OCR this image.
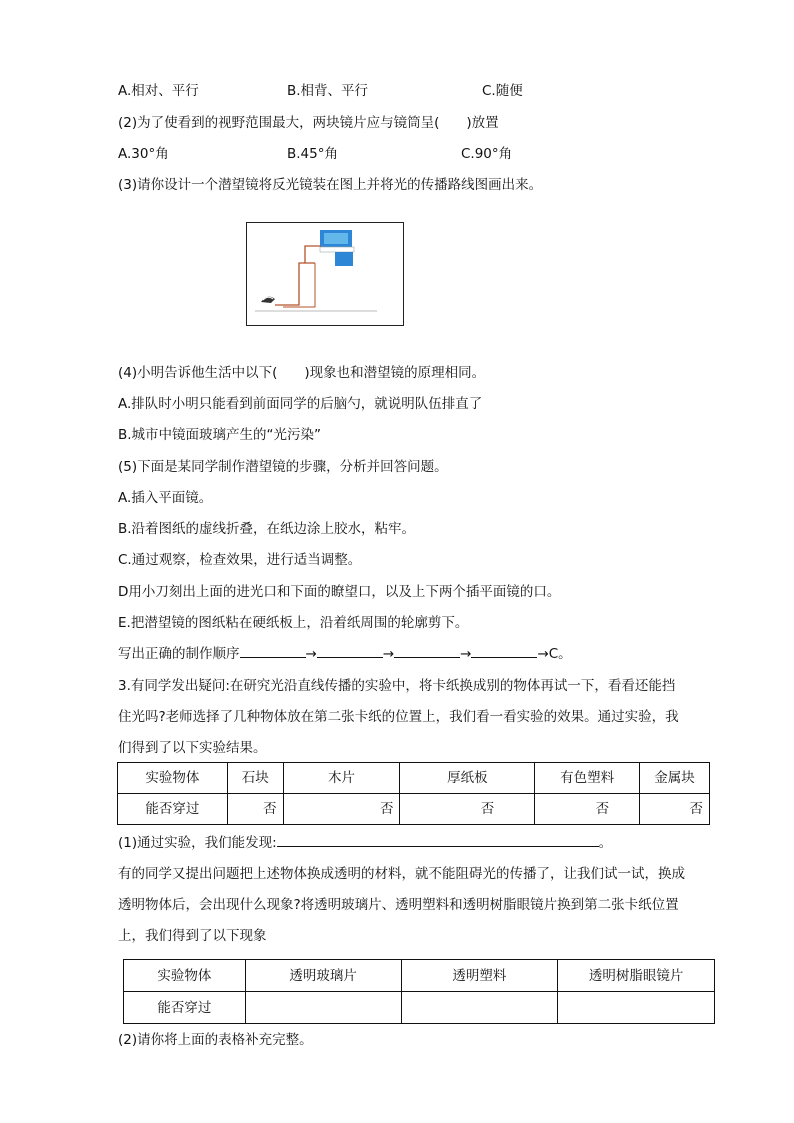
A.相对、平行	B.相背、平行	C.随便
(2)为了使看到的视野范围最大，两块镜片应与镜筒呈(　　)放置
A.30°角	B.45°角	C.90°角
(3)请你设计一个潜望镜将反光镜装在图上并将光的传播路线图画出来。
(4)小明告诉他生活中以下(　　)现象也和潜望镜的原理相同。
A.排队时小明只能看到前面同学的后脑勺，就说明队伍排直了
B.城市中镜面玻璃产生的“光污染”
(5)下面是某同学制作潜望镜的步骤，分析并回答问题。
A.插入平面镜。
B.沿着图纸的虚线折叠，在纸边涂上胶水，粘牢。
C.通过观察，检查效果，进行适当调整。
D用小刀刻出上面的进光口和下面的瞭望口，以及上下两个插平面镜的口。
E.把潜望镜的图纸粘在硬纸板上，沿着纸周围的轮廓剪下。
写出正确的制作顺序	→	→	→	→C。
3.有同学发出疑问:在研究光沿直线传播的实验中，将卡纸换成别的物体再试一下，看看还能挡
住光吗?老师选择了几种物体放在第二张卡纸的位置上，我们看一看实验的效果。通过实验，我
们得到了以下实验结果。
实验物体	石块	木片	厚纸板	有色塑料	金属块
能否穿过	否	否	否	否	否
(1)通过实验，我们能发现:	。
有的同学又提出问题把上述物体换成透明的材料，就不能阻碍光的传播了，让我们试一试，换成
透明物体后，会出现什么现象?将透明玻璃片、透明塑料和透明树脂眼镜片换到第二张卡纸位置
上，我们得到了以下现象
实验物体	透明玻璃片	透明塑料	透明树脂眼镜片
能否穿过			
(2)请你将上面的表格补充完整。
